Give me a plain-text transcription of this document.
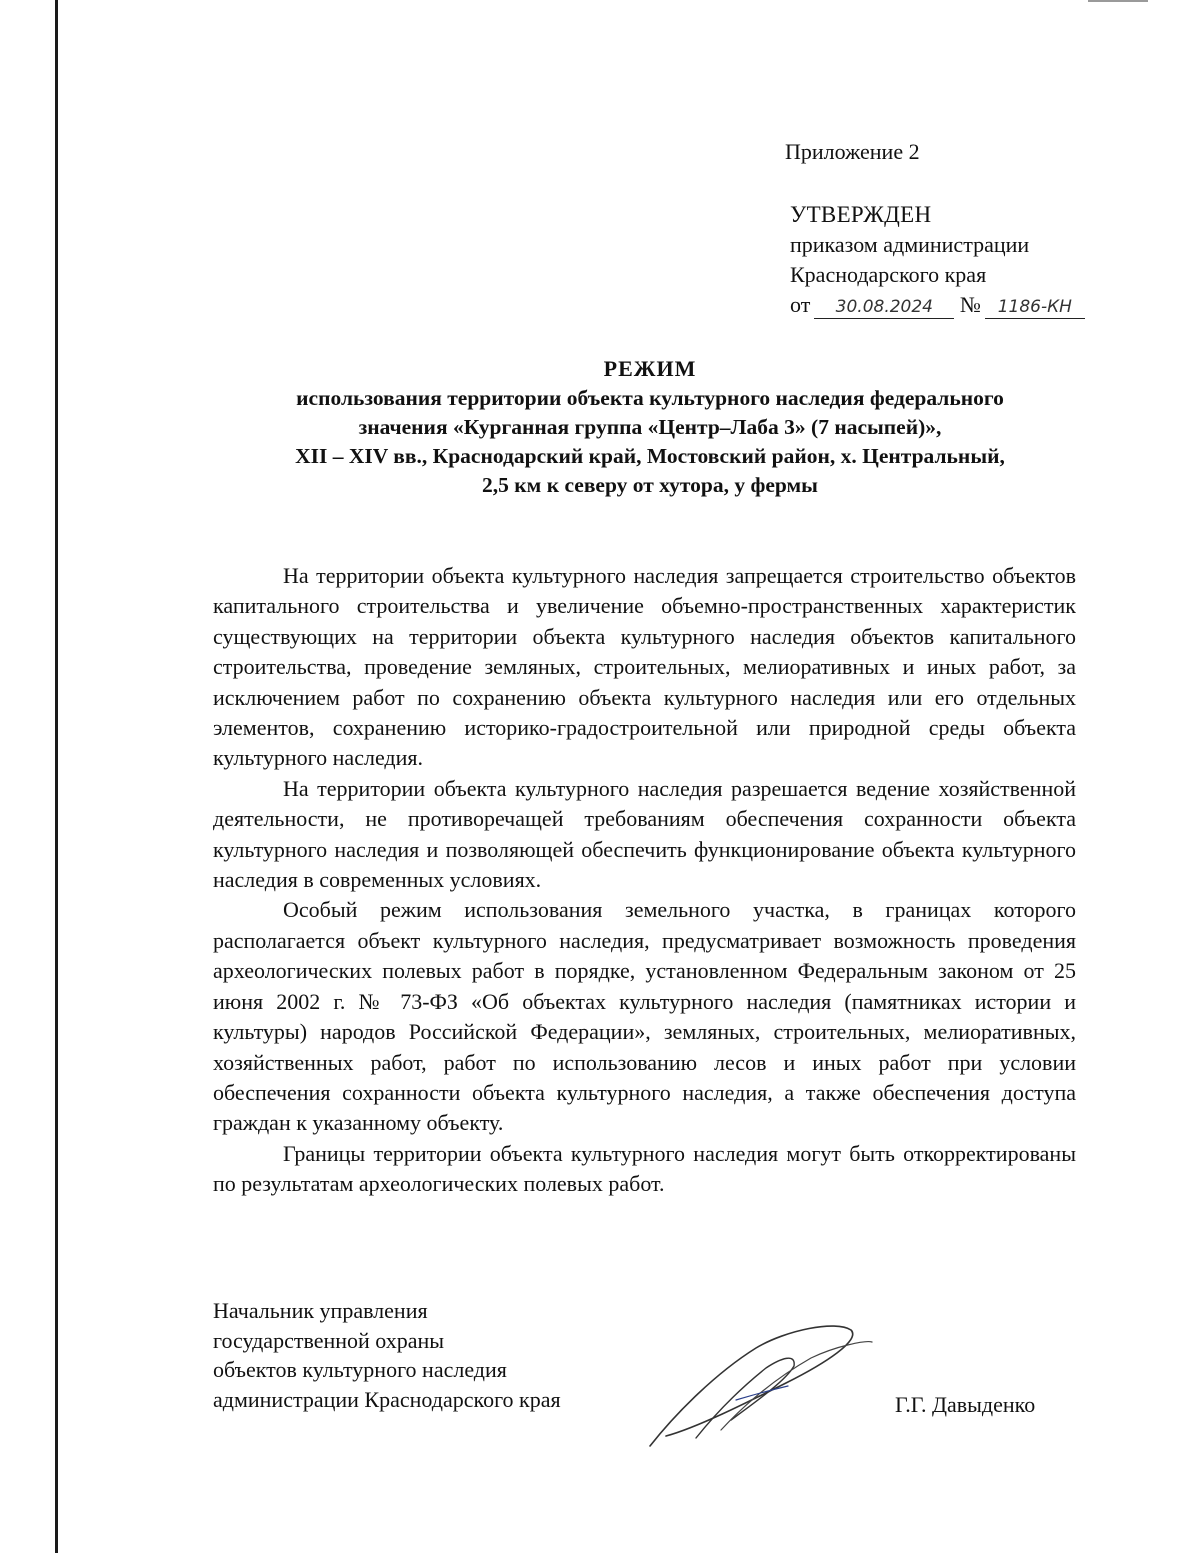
Приложение 2
УТВЕРЖДЕН
приказом администрации
Краснодарского края
от 30.08.2024 № 1186-КН
РЕЖИМ
использования территории объекта культурного наследия федерального
значения «Курганная группа «Центр–Лаба 3» (7 насыпей)»,
XII – XIV вв., Краснодарский край, Мостовский район, х. Центральный,
2,5 км к северу от хутора, у фермы

На территории объекта культурного наследия запрещается строительство объектов капитального строительства и увеличение объемно-пространственных характеристик существующих на территории объекта культурного наследия объектов капитального строительства, проведение земляных, строительных, мелиоративных и иных работ, за исключением работ по сохранению объекта культурного наследия или его отдельных элементов, сохранению историко-градостроительной или природной среды объекта культурного наследия.

На территории объекта культурного наследия разрешается ведение хозяйственной деятельности, не противоречащей требованиям обеспечения сохранности объекта культурного наследия и позволяющей обеспечить функционирование объекта культурного наследия в современных условиях.

Особый режим использования земельного участка, в границах которого располагается объект культурного наследия, предусматривает возможность проведения археологических полевых работ в порядке, установленном Федеральным законом от 25 июня 2002 г. № 73-ФЗ «Об объектах культурного наследия (памятниках истории и культуры) народов Российской Федерации», земляных, строительных, мелиоративных, хозяйственных работ, работ по использованию лесов и иных работ при условии обеспечения сохранности объекта культурного наследия, а также обеспечения доступа граждан к указанному объекту.

Границы территории объекта культурного наследия могут быть откорректированы по результатам археологических полевых работ.

Начальник управления
государственной охраны
объектов культурного наследия
администрации Краснодарского края	Г.Г. Давыденко
